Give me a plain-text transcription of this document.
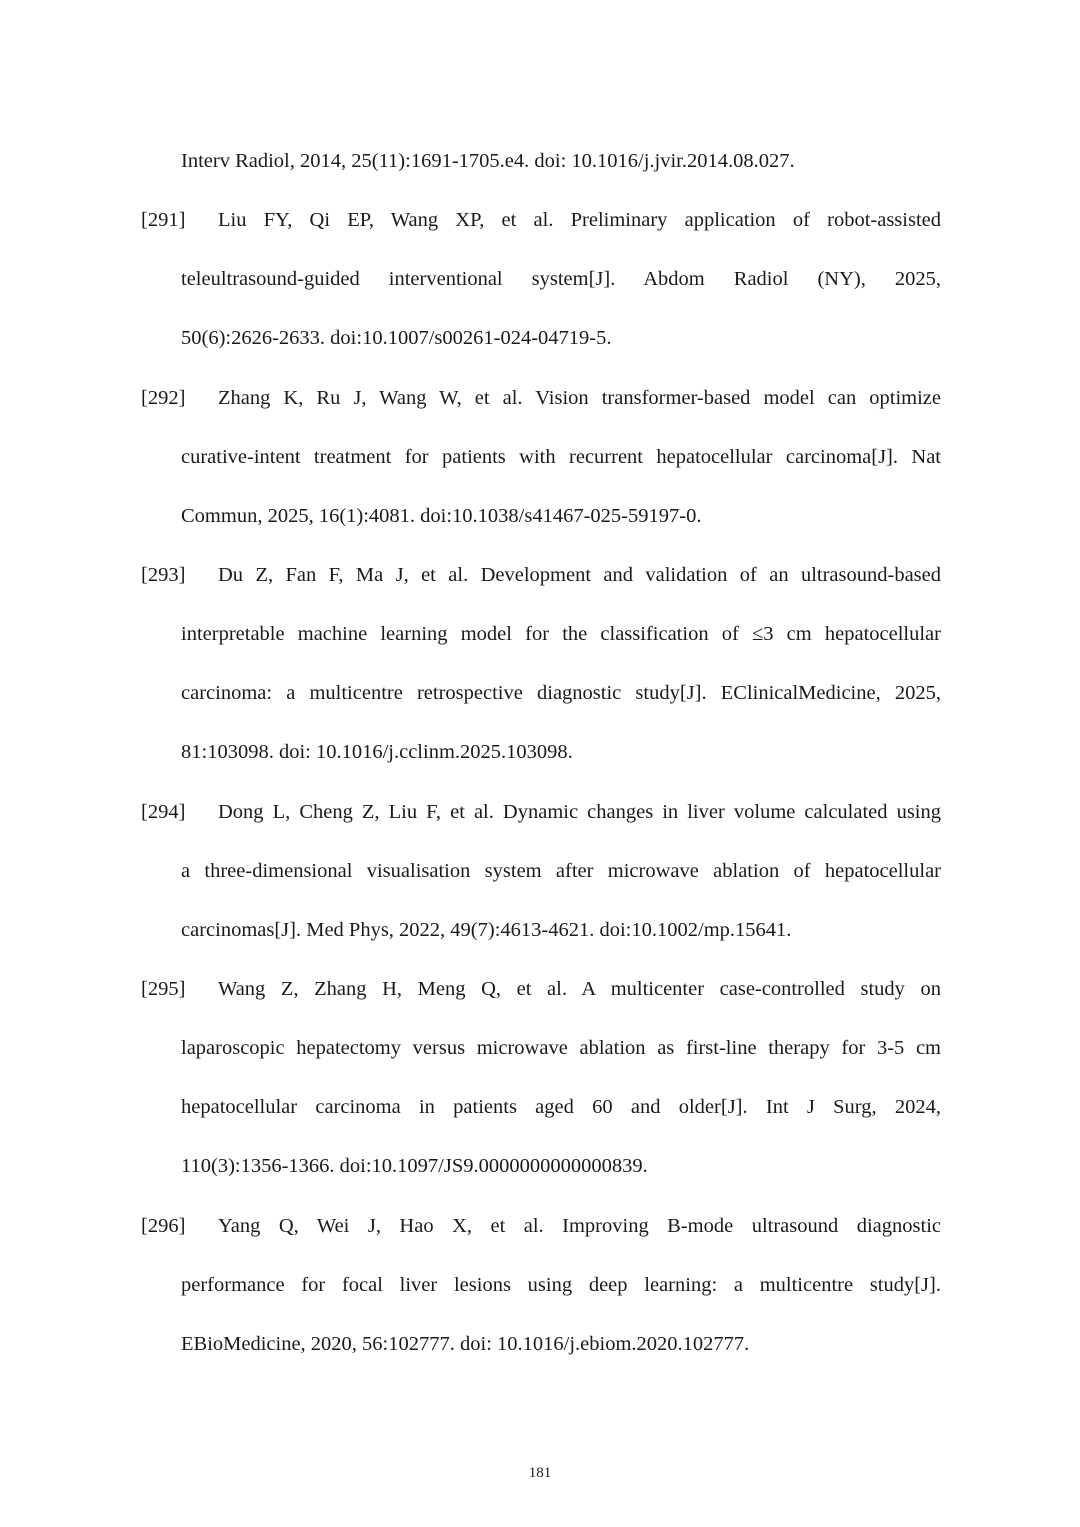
Interv Radiol, 2014, 25(11):1691-1705.e4. doi: 10.1016/j.jvir.2014.08.027.
[291]	Liu FY, Qi EP, Wang XP, et al. Preliminary application of robot-assisted
teleultrasound-guided interventional system[J]. Abdom Radiol (NY), 2025,
50(6):2626-2633. doi:10.1007/s00261-024-04719-5.
[292]	Zhang K, Ru J, Wang W, et al. Vision transformer-based model can optimize
curative-intent treatment for patients with recurrent hepatocellular carcinoma[J]. Nat
Commun, 2025, 16(1):4081. doi:10.1038/s41467-025-59197-0.
[293]	Du Z, Fan F, Ma J, et al. Development and validation of an ultrasound-based
interpretable machine learning model for the classification of ≤3 cm hepatocellular
carcinoma: a multicentre retrospective diagnostic study[J]. EClinicalMedicine, 2025,
81:103098. doi: 10.1016/j.cclinm.2025.103098.
[294]	Dong L, Cheng Z, Liu F, et al. Dynamic changes in liver volume calculated using
a three-dimensional visualisation system after microwave ablation of hepatocellular
carcinomas[J]. Med Phys, 2022, 49(7):4613-4621. doi:10.1002/mp.15641.
[295]	Wang Z, Zhang H, Meng Q, et al. A multicenter case-controlled study on
laparoscopic hepatectomy versus microwave ablation as first-line therapy for 3-5 cm
hepatocellular carcinoma in patients aged 60 and older[J]. Int J Surg, 2024,
110(3):1356-1366. doi:10.1097/JS9.0000000000000839.
[296]	Yang Q, Wei J, Hao X, et al. Improving B-mode ultrasound diagnostic
performance for focal liver lesions using deep learning: a multicentre study[J].
EBioMedicine, 2020, 56:102777. doi: 10.1016/j.ebiom.2020.102777.
181
